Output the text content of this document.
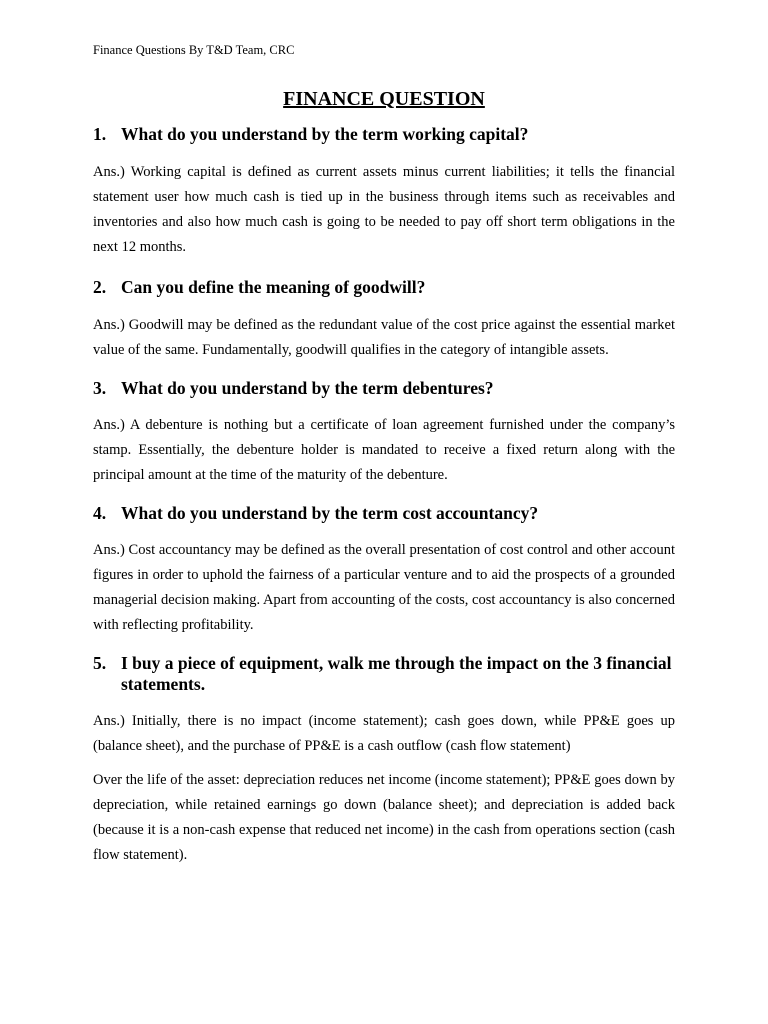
Finance Questions By T&D Team, CRC

FINANCE QUESTION
1. What do you understand by the term working capital?

Ans.) Working capital is defined as current assets minus current liabilities; it tells the financial statement user how much cash is tied up in the business through items such as receivables and inventories and also how much cash is going to be needed to pay off short term obligations in the next 12 months.

2. Can you define the meaning of goodwill?

Ans.) Goodwill may be defined as the redundant value of the cost price against the essential market value of the same. Fundamentally, goodwill qualifies in the category of intangible assets.

3. What do you understand by the term debentures?

Ans.) A debenture is nothing but a certificate of loan agreement furnished under the company’s stamp. Essentially, the debenture holder is mandated to receive a fixed return along with the principal amount at the time of the maturity of the debenture.

4. What do you understand by the term cost accountancy?

Ans.) Cost accountancy may be defined as the overall presentation of cost control and other account figures in order to uphold the fairness of a particular venture and to aid the prospects of a grounded managerial decision making. Apart from accounting of the costs, cost accountancy is also concerned with reflecting profitability.

5. I buy a piece of equipment, walk me through the impact on the 3 financial statements.

Ans.) Initially, there is no impact (income statement); cash goes down, while PP&E goes up (balance sheet), and the purchase of PP&E is a cash outflow (cash flow statement)

Over the life of the asset: depreciation reduces net income (income statement); PP&E goes down by depreciation, while retained earnings go down (balance sheet); and depreciation is added back (because it is a non-cash expense that reduced net income) in the cash from operations section (cash flow statement).
